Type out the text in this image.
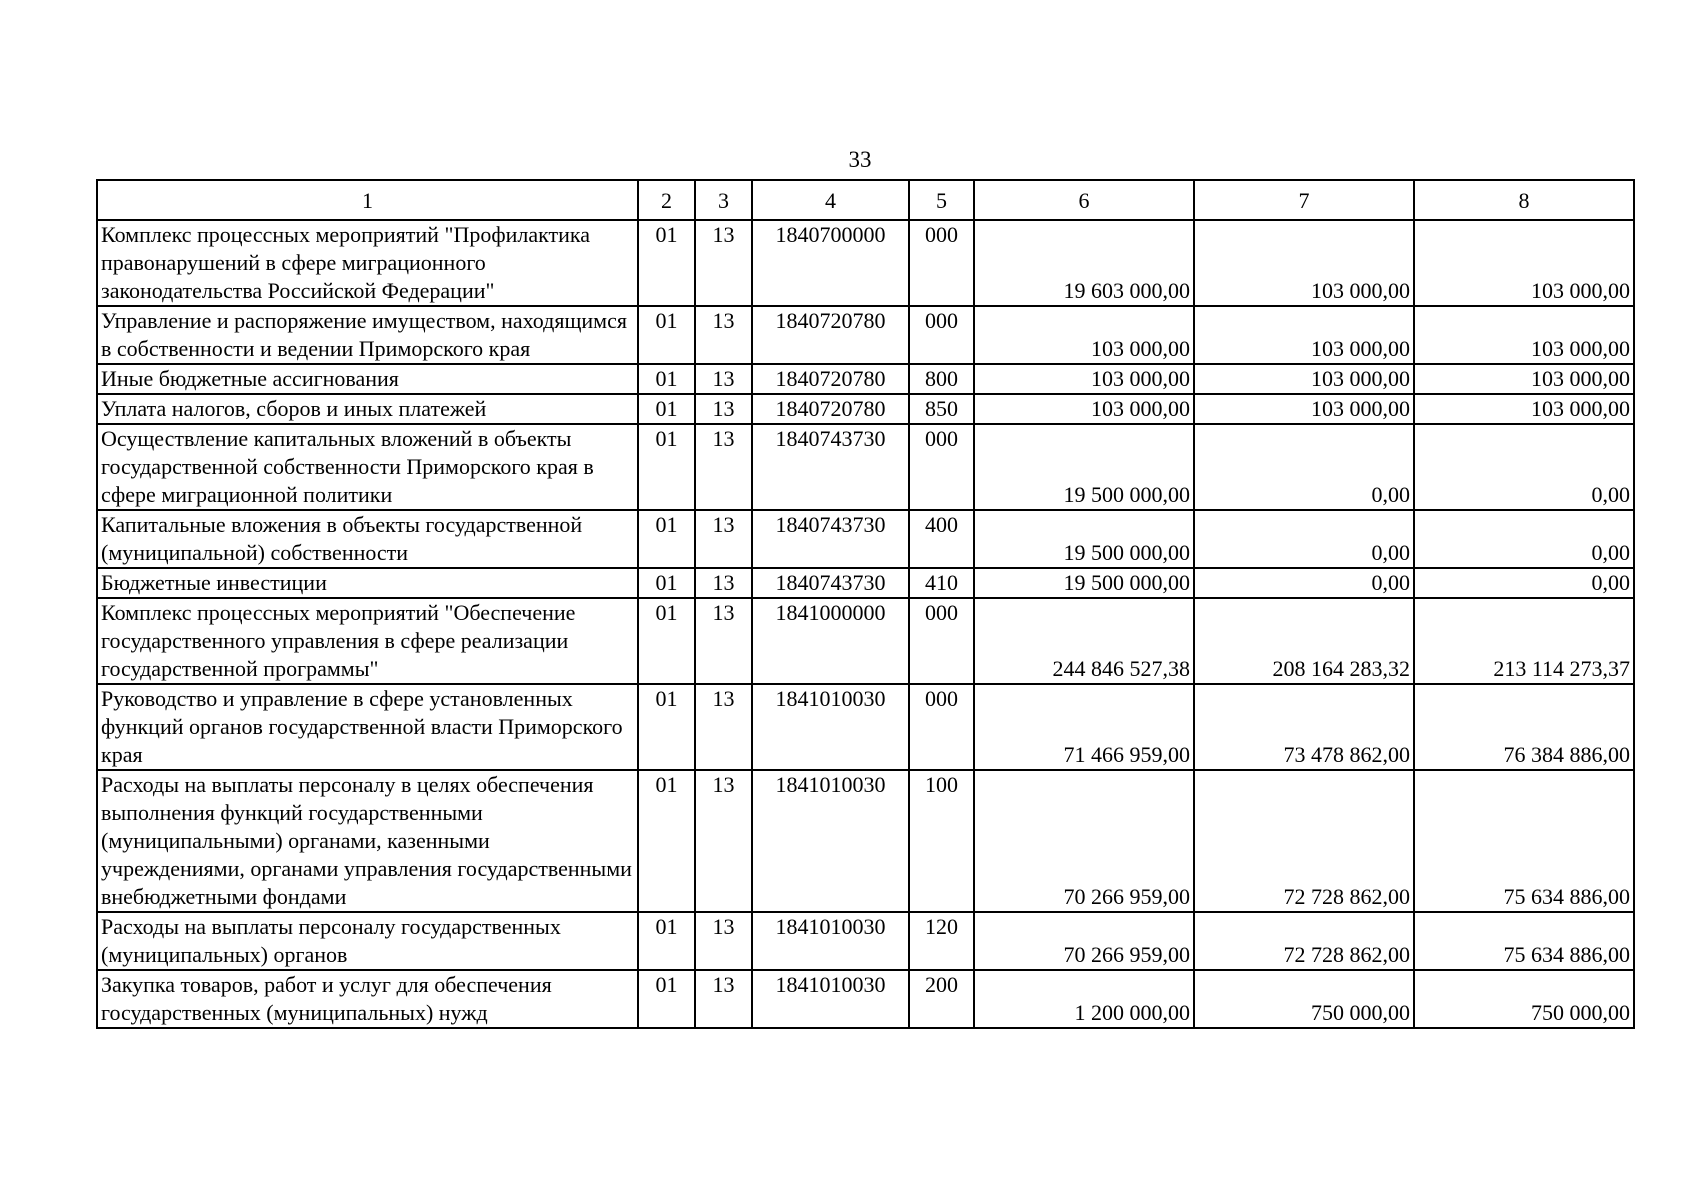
33
1	2	3	4	5	6	7	8
Комплекс процессных мероприятий "Профилактика правонарушений в сфере миграционного законодательства Российской Федерации"	01	13	1840700000	000	19 603 000,00	103 000,00	103 000,00
Управление и распоряжение имуществом, находящимся в собственности и ведении Приморского края	01	13	1840720780	000	103 000,00	103 000,00	103 000,00
Иные бюджетные ассигнования	01	13	1840720780	800	103 000,00	103 000,00	103 000,00
Уплата налогов, сборов и иных платежей	01	13	1840720780	850	103 000,00	103 000,00	103 000,00
Осуществление капитальных вложений в объекты государственной собственности Приморского края в сфере миграционной политики	01	13	1840743730	000	19 500 000,00	0,00	0,00
Капитальные вложения в объекты государственной (муниципальной) собственности	01	13	1840743730	400	19 500 000,00	0,00	0,00
Бюджетные инвестиции	01	13	1840743730	410	19 500 000,00	0,00	0,00
Комплекс процессных мероприятий "Обеспечение государственного управления в сфере реализации государственной программы"	01	13	1841000000	000	244 846 527,38	208 164 283,32	213 114 273,37
Руководство и управление в сфере установленных функций органов государственной власти Приморского края	01	13	1841010030	000	71 466 959,00	73 478 862,00	76 384 886,00
Расходы на выплаты персоналу в целях обеспечения выполнения функций государственными (муниципальными) органами, казенными учреждениями, органами управления государственными внебюджетными фондами	01	13	1841010030	100	70 266 959,00	72 728 862,00	75 634 886,00
Расходы на выплаты персоналу государственных (муниципальных) органов	01	13	1841010030	120	70 266 959,00	72 728 862,00	75 634 886,00
Закупка товаров, работ и услуг для обеспечения государственных (муниципальных) нужд	01	13	1841010030	200	1 200 000,00	750 000,00	750 000,00
